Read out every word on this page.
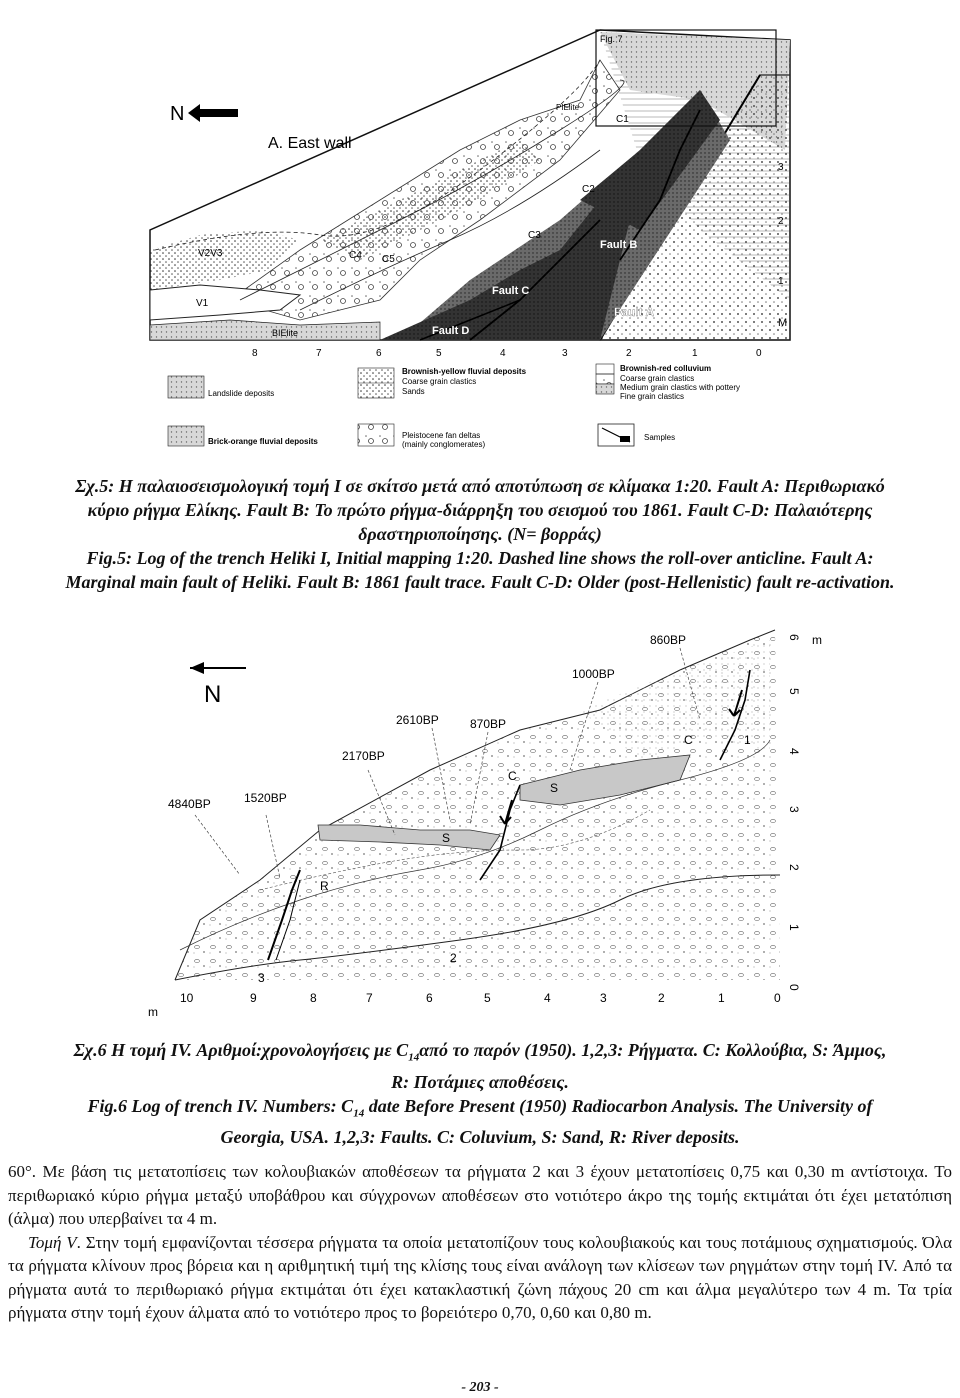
Fig. 7
N
A. East wall
PIElite
C1
C2
C3
C4 C5
V2V3
V1
BIElite
Fault A
Fault B
Fault C
Fault D
M
8	7	6	5	4	3	2	1	0
3
2
1
Landslide deposits
Brownish-yellow fluvial deposits
Coarse grain clastics
Sands
Brownish-red colluvium
Coarse grain clastics
Medium grain clastics with pottery
Fine grain clastics
Brick-orange fluvial deposits
Pleistocene fan deltas
(mainly conglomerates)
Samples
Σχ.5: Η παλαιοσεισμολογική τομή Ι σε σκίτσο μετά από αποτύπωση σε κλίμακα 1:20. Fault A: Περιθωριακό
κύριο ρήγμα Ελίκης. Fault B: Το πρώτο ρήγμα-διάρρηξη του σεισμού του 1861. Fault C-D: Παλαιότερης
δραστηριοποίησης. (N= βορράς)
Fig.5: Log of the trench Heliki I, Initial mapping 1:20. Dashed line shows the roll-over anticline. Fault A:
Marginal main fault of Heliki. Fault B: 1861 fault trace. Fault C-D: Older (post-Hellenistic) fault re-activation.
860BP
1000BP
2610BP	870BP
2170BP
4840BP	1520BP
S
S
C
C
R
1
2
3
N
10	9	8	7	6	5	4	3	2	1	0
m
6
5
4
3
2
1
0
m
Σχ.6 Η τομή IV. Αριθμοί:χρονολογήσεις με $C_{14}\alpha\pi ό$ το παρόν (1950). 1,2,3: Ρήγματα. C: Κολλούβια, S: Άμμος,
R: Ποτάμιες αποθέσεις.
Fig.6 Log of trench IV. Numbers: $C_{14}$ date Before Present (1950) Radiocarbon Analysis. The University of
Georgia, USA. 1,2,3: Faults. C: Coluvium, S: Sand, R: River deposits.

60°. Με βάση τις μετατοπίσεις των κολουβιακών αποθέσεων τα ρήγματα 2 και 3 έχουν μετατοπίσεις 0,75 και 0,30 m αντίστοιχα. Το περιθωριακό κύριο ρήγμα μεταξύ υποβάθρου και σύγχρονων αποθέσεων στο νοτιότερο άκρο της τομής εκτιμάται ότι έχει μετατόπιση (άλμα) που υπερβαίνει τα 4 m.

Τομή V. Στην τομή εμφανίζονται τέσσερα ρήγματα τα οποία μετατοπίζουν τους κολουβιακούς και τους ποτάμιους σχηματισμούς. Όλα τα ρήγματα κλίνουν προς βόρεια και η αριθμητική τιμή της κλίσης τους είναι ανάλογη των κλίσεων των ρηγμάτων στην τομή IV. Από τα ρήγματα αυτά το περιθωριακό ρήγμα εκτιμάται ότι έχει κατακλαστική ζώνη πάχους 20 cm και άλμα μεγαλύτερο των 4 m. Τα τρία ρήγματα στην τομή έχουν άλματα από το νοτιότερο προς το βορειότερο 0,70, 0,60 και 0,80 m.

- 203 -
